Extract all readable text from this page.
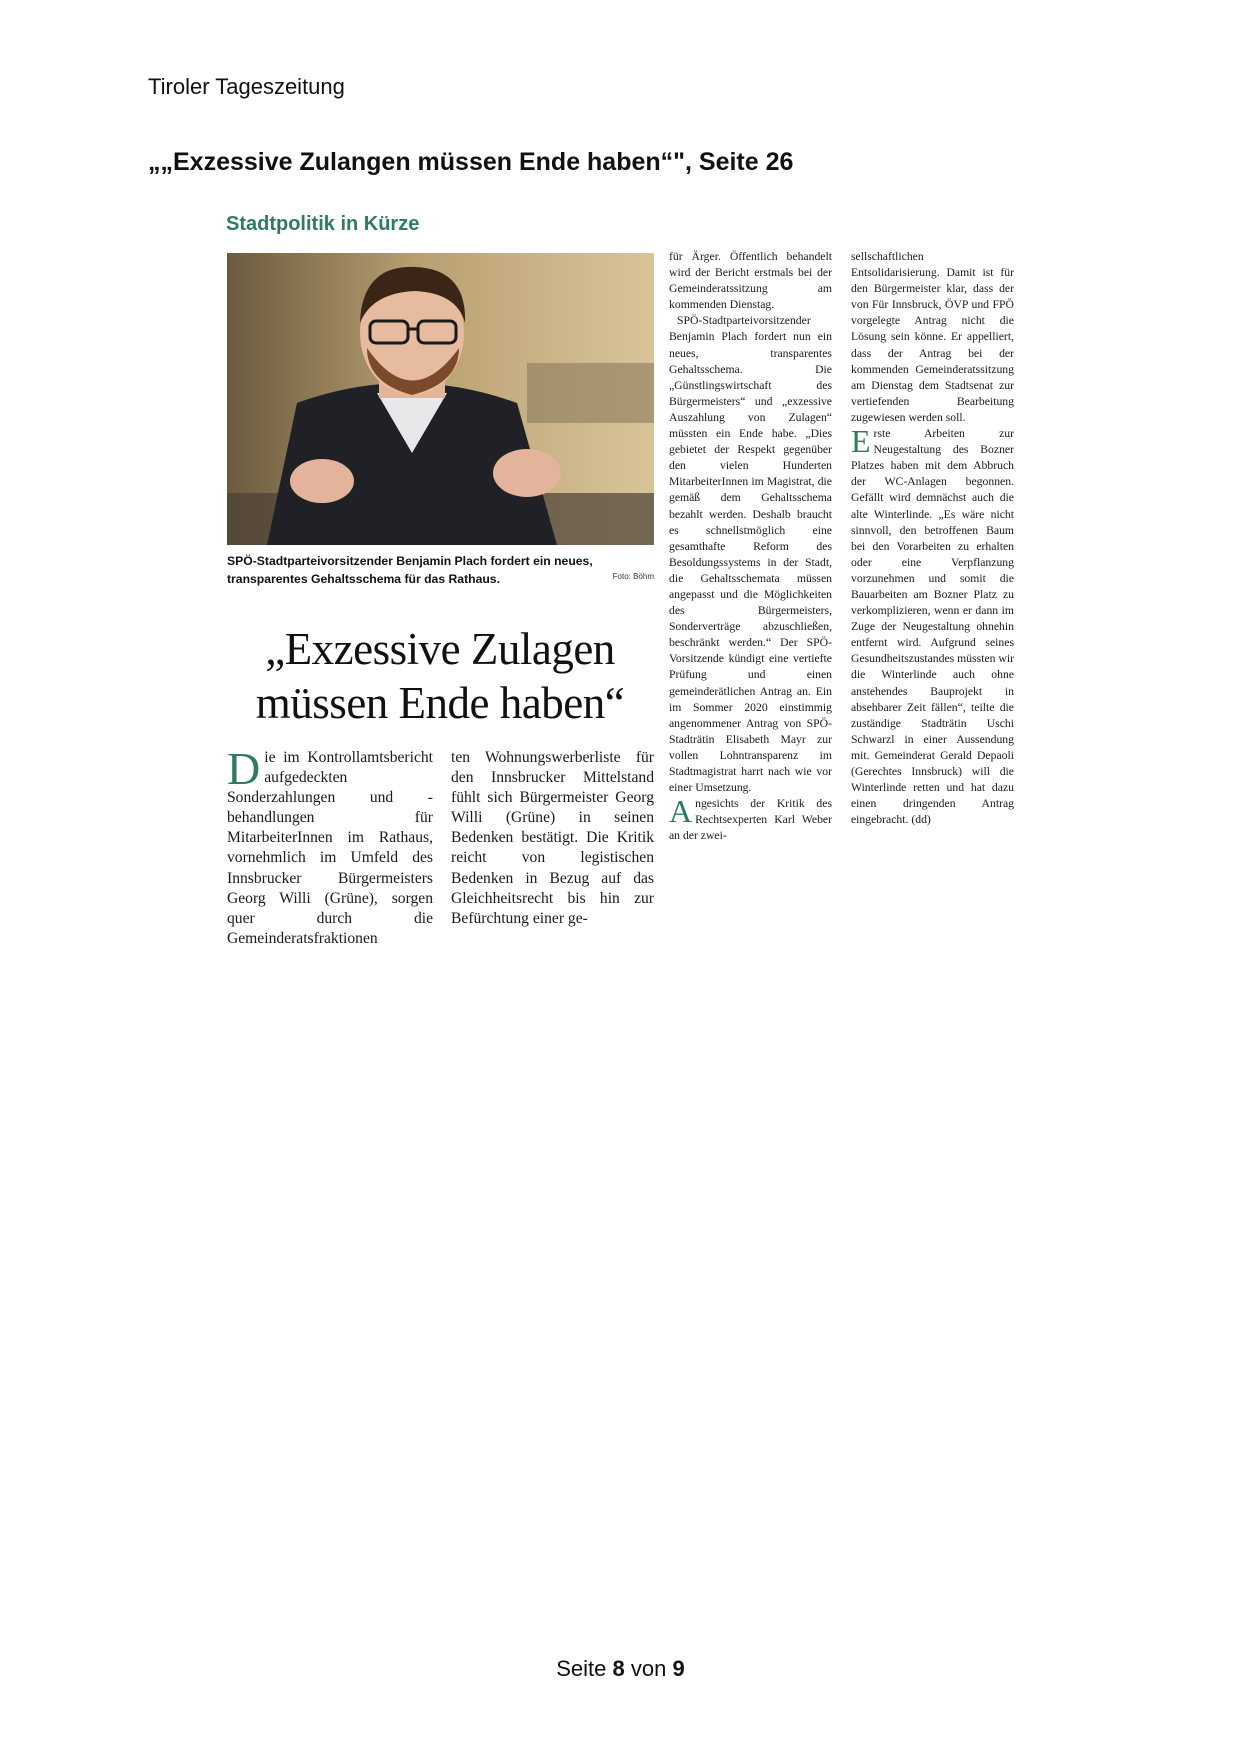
Tiroler Tageszeitung
„„Exzessive Zulangen müssen Ende haben“", Seite 26
Stadtpolitik in Kürze
SPÖ-Stadtparteivorsitzender Benjamin Plach fordert ein neues, transparentes Gehaltsschema für das Rathaus.	Foto: Böhm
„Exzessive Zulagen
müssen Ende haben“

Die im Kontrollamtsbericht aufgedeckten Sonderzahlungen und -behandlungen für MitarbeiterInnen im Rathaus, vornehmlich im Umfeld des Innsbrucker Bürgermeisters Georg Willi (Grüne), sorgen quer durch die Gemeinderatsfraktionen

ten Wohnungswerberliste für den Innsbrucker Mittelstand fühlt sich Bürgermeister Georg Willi (Grüne) in seinen Bedenken bestätigt. Die Kritik reicht von legistischen Bedenken in Bezug auf das Gleichheitsrecht bis hin zur Befürchtung einer ge-

für Ärger. Öffentlich behandelt wird der Bericht erstmals bei der Gemeinderatssitzung am kommenden Dienstag.

SPÖ-Stadtparteivorsitzender Benjamin Plach fordert nun ein neues, transparentes Gehaltsschema. Die „Günstlingswirtschaft des Bürgermeisters“ und „exzessive Auszahlung von Zulagen“ müssten ein Ende habe. „Dies gebietet der Respekt gegenüber den vielen Hunderten MitarbeiterInnen im Magistrat, die gemäß dem Gehaltsschema bezahlt werden. Deshalb braucht es schnellstmöglich eine gesamthafte Reform des Besoldungssystems in der Stadt, die Gehaltsschemata müssen angepasst und die Möglichkeiten des Bürgermeisters, Sonderverträge abzuschließen, beschränkt werden.“ Der SPÖ-Vorsitzende kündigt eine vertiefte Prüfung und einen gemeinderätlichen Antrag an. Ein im Sommer 2020 einstimmig angenommener Antrag von SPÖ-Stadträtin Elisabeth Mayr zur vollen Lohntransparenz im Stadtmagistrat harrt nach wie vor einer Umsetzung.

Angesichts der Kritik des Rechtsexperten Karl Weber an der zwei-

sellschaftlichen Entsolidarisierung. Damit ist für den Bürgermeister klar, dass der von Für Innsbruck, ÖVP und FPÖ vorgelegte Antrag nicht die Lösung sein könne. Er appelliert, dass der Antrag bei der kommenden Gemeinderatssitzung am Dienstag dem Stadtsenat zur vertiefenden Bearbeitung zugewiesen werden soll.

Erste Arbeiten zur Neugestaltung des Bozner Platzes haben mit dem Abbruch der WC-Anlagen begonnen. Gefällt wird demnächst auch die alte Winterlinde. „Es wäre nicht sinnvoll, den betroffenen Baum bei den Vorarbeiten zu erhalten oder eine Verpflanzung vorzunehmen und somit die Bauarbeiten am Bozner Platz zu verkomplizieren, wenn er dann im Zuge der Neugestaltung ohnehin entfernt wird. Aufgrund seines Gesundheitszustandes müssten wir die Winterlinde auch ohne anstehendes Bauprojekt in absehbarer Zeit fällen“, teilte die zuständige Stadträtin Uschi Schwarzl in einer Aussendung mit. Gemeinderat Gerald Depaoli (Gerechtes Innsbruck) will die Winterlinde retten und hat dazu einen dringenden Antrag eingebracht. (dd)

Seite 8 von 9
